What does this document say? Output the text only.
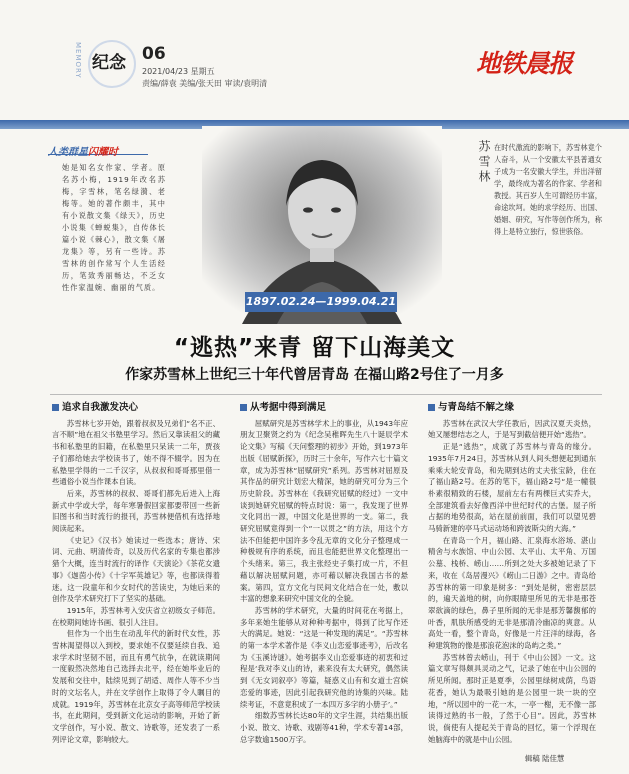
MEMORY 纪念 06
2021/04/23 星期五
责编/薛袁 美编/张天田 审读/袁明清
地铁晨报
人类群星闪耀时
她是知名女作家、学者。原名苏小梅，1919年改名苏梅，字雪林，笔名绿漪、老梅等。她的著作颇丰，其中有小说散文集《绿天》，历史小说集《蝉蜕集》，自传体长篇小说《棘心》，散文集《屠龙集》等，另有一些诗。苏雪林的创作常写个人生活经历，笔致秀丽畅达，不乏女性作家温婉、幽丽的气质。
1897.02.24—1999.04.21
苏雪林 在时代激流的影响下，苏雪林竟个人奋斗，从一个安徽太平县普通女子成为一名安徽大学生，并出洋留学，最终成为著名的作家、学者和教授。其百岁人生可谓经历丰富，命途坎坷。她的求学经历、出国、婚姻、研究，写作等创作所为，称得上是特立独行，惊世骇俗。
“逃热”来青 留下山海美文
作家苏雪林上世纪三十年代曾居青岛 在福山路2号住了一月多
追求自我激发决心

苏雪林七岁开始，跟着叔叔及兄弟们“名不正、言不顺”地在祖父书塾里学习。然后又靠读祖父的藏书和私塾里的旧籍，在私塾里只呆读一二年，贾孩子们都给她去学校读书了，她不得不辍学。因为在私塾里学得的一二千汉字，从叔叔和哥哥那里借一些通俗小说当作课本自读。

后来，苏雪林的叔叔、哥哥们都先后进入上海新式中学或大学，每年寒暑假回家都要带回一些新旧图书和当时流行的报刊，苏雪林便借机有选择地阅读起来。

《史记》《汉书》她读过一些选本；唐诗、宋词、元曲、明清传奇，以及历代名家的专集也都涉猎个大概，连当时流行的译作《天演论》《茶花女遗事》《迦茵小传》《十字军英雄记》等，也都读得着迷。这一段童年和少女时代的苦读史，为她后来的创作及学术研究打下了坚实的基础。

1915年，苏雪林考入安庆省立初级女子师范。在校期间她诗书画、很引人注目。

但作为一个出生在动乱年代的新时代女性，苏雪林渴望得以入到校，要求她不仅要延续自我、追求学术时坚韧不屈，而且有勇气抗争，在就读期间一度毅然决然地自己选择去北平，经在她毕业后的发展和交往中，陆续见到了胡适、周作人等不少当时的文坛名人，并在文学创作上取得了令人瞩目的成就。1919年，苏雪林在北京女子高等师范学校读书，在此期间，受到新文化运动的影响，开始了新文学创作，写小说、散文、诗歌等，还发表了一系列评论文章，影响较大。

从考据中得到满足

屈赋研究是苏雪林学术上的事业，从1943年应朋友卫聚贤之约为《纪念吴稚晖先生八十诞辰学术论文集》写稿《天问整理的初步》开始，到1973年出版《屈赋新探》，历时三十余年，写作六七十篇文章，成为苏雪林“屈赋研究”系列。苏雪林对屈原及其作品的研究计划宏大精深，她的研究可分为三个历史阶段。苏雪林在《我研究屈赋的经过》一文中谈到她研究屈赋的特点时说：第一，我发现了世界文化同出一源，中国文化是世界的一支。第二，我研究屈赋竟得到一个“一以贯之”的方法，用这个方法不但能把中国许多令乱无章的文化分子整理成一种极规有序的系统，而且也能把世界文化整理出一个头绪来。第三，我主张经史子集打成一片，不但藉以解决屈赋问题，亦可藉以解决我国古书的悬案。第四，宣方文化与民间文化结合在一处，敷以丰富的想象来研究中国文化的全貌。

苏雪林的学术研究，大量的时间花在考据上，多年来她生能够从对种种考据中，得到了比写作还大的满足。她说：“这是一种发现的满足”。“苏雪林的第一本学术著作是《李义山恋爱事迹考》，后改名为《玉溪诗谜》。她考据李义山恋爱事迹的初衷和过程是‘我对李义山的诗，素来没有太大研究，偶然读到《无女词叙亭》等篇，疑惑义山有和女道士宫嫔恋爱的事迹，因此引起我研究他的诗集的兴味。陆续考证，不意竟积成了一本四万多字的小册子’。”

细数苏雪林长达80年的文字生涯，共结集出版小说、散文、诗歌、戏剧等41种，学术专著14部，总字数逾1500万字。

与青岛结不解之缘

苏雪林在武汉大学任教后，因武汉夏天炎热，她又屡想结志之人，于是写到截信便开始“逃热”。

正是“逃热”，成就了苏雪林与青岛的缘分。1935年7月24日，苏雪林从到人间头想便起到通东乘乘大轮安青岛，和先期到达的丈夫张宝龄，住在了福山路2号。在苏的笔下，福山路2号“是一幢很朴素很精致的石楼，屋前左右有两棵巨式实乔大，全部建筑看去好像西洋中世纪时代的古堡。屋子所占据的地势很高，站在屋前前面，我们可以望见碧马骑新建的亭马式运动场和跨波斯尖的大海。”

在青岛一个月，福山路、汇泉海水浴场、湛山精舍与水族馆、中山公园、太平山、太平角、万国公墓、栈桥、崂山……所到之处大多被她记录了下来，收在《岛居漫兴》《崂山二日游》之中。青岛给苏雪林的第一印象是树多：“到处是树，密密层层的，遍天盖地的树，向你眼睛里所见的无非是那苍翠欲滴的绿色，鼻子里所闻的无非是那芳馨馥郁的叶香，肌肤所感受的无非是那清冷幽凉的爽意。从高处一看，整个青岛，好像是一片汪洋的绿海，各种建筑物的像是那浪花泡沫的岛屿之类。”

苏雪林曾去崂山，刊于《中山公园》一文。这篇文章写得颇具灵动之气，记录了她在中山公园的所见所闻。那时正是夏季，公园里绿树成荫，鸟语花香，她认为最吸引她的是公园里一块一块的空地，“所以园中的一花一木，一亭一榭，无不像一部读得过熟的书一般，了然于心目”。因此，苏雪林说，倘使有人提起关于青岛的回忆，第一个浮现在她脑海中的就是中山公园。

辑稿 陆佳慧
